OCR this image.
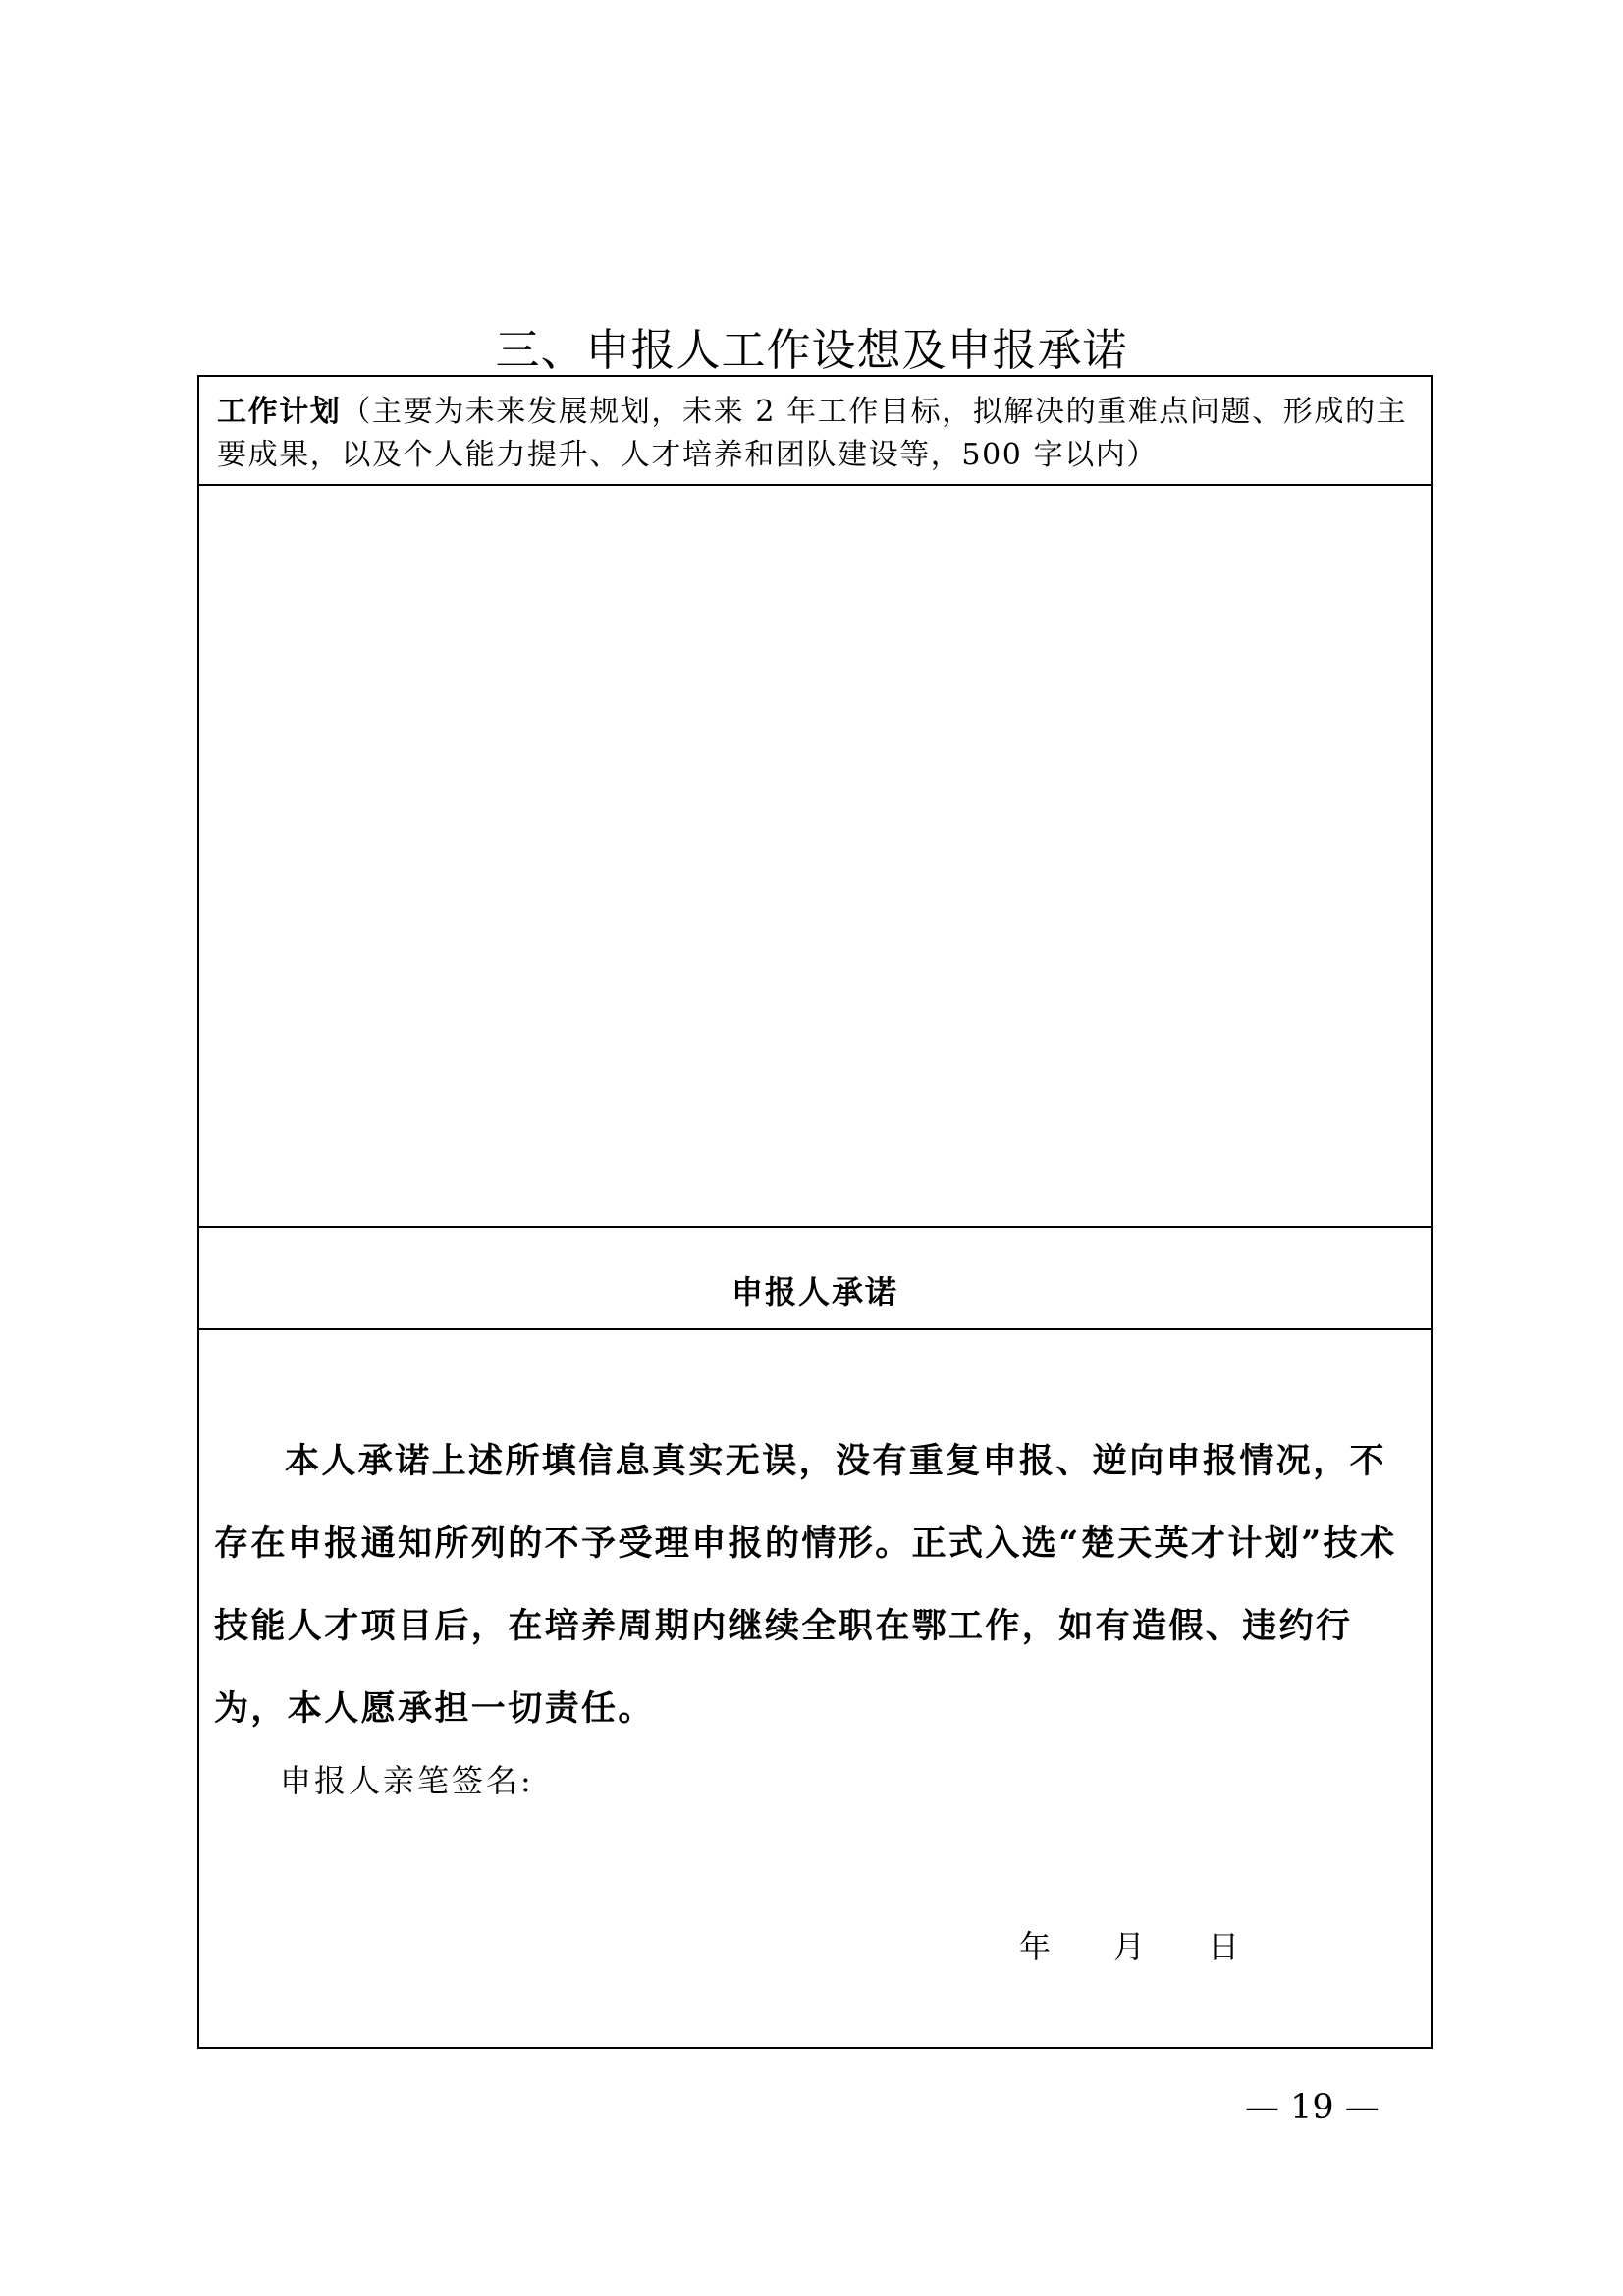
三、申报人工作设想及申报承诺
工作计划（主要为未来发展规划，未来 2 年工作目标，拟解决的重难点问题、形成的主要成果，以及个人能力提升、人才培养和团队建设等，500 字以内）
申报人承诺
本人承诺上述所填信息真实无误，没有重复申报、逆向申报情况，不存在申报通知所列的不予受理申报的情形。正式入选“楚天英才计划”技术技能人才项目后，在培养周期内继续全职在鄂工作，如有造假、违约行为，本人愿承担一切责任。
申报人亲笔签名:
年　　月　　日
— 19 —
